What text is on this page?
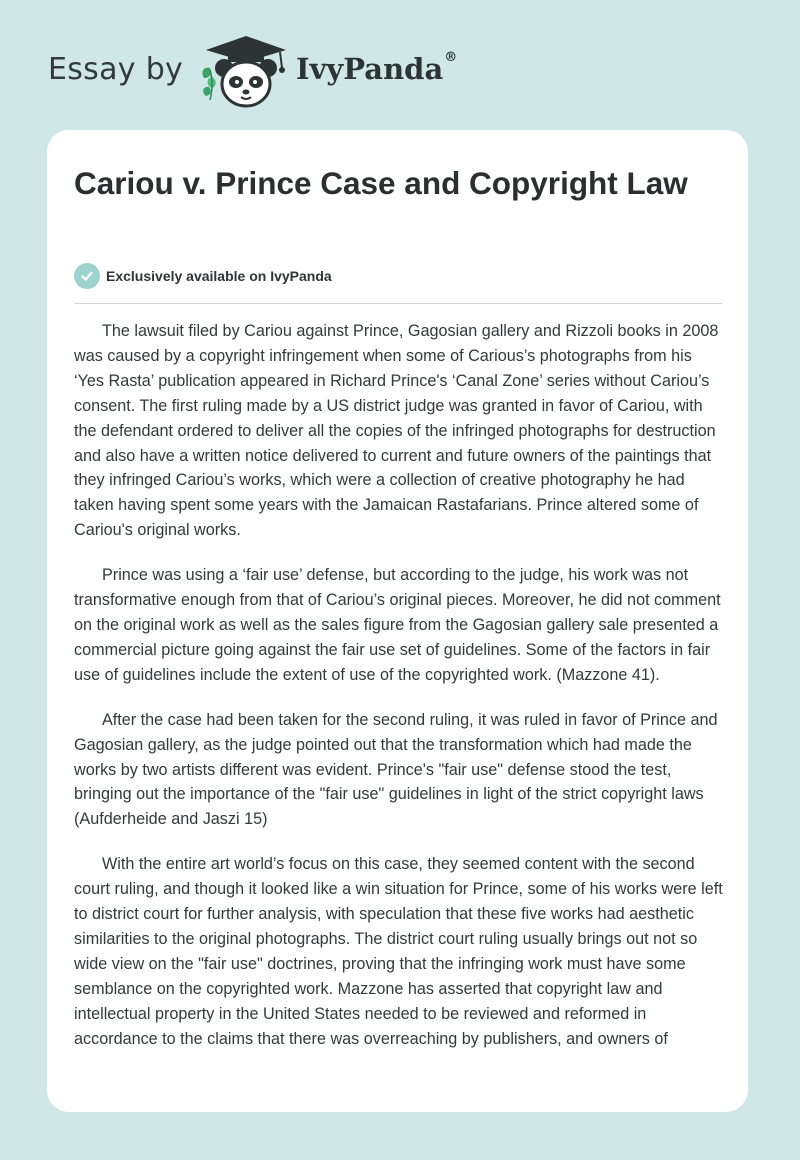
Essay by	IvyPanda®
Cariou v. Prince Case and Copyright Law
Exclusively available on IvyPanda

The lawsuit filed by Cariou against Prince, Gagosian gallery and Rizzoli books in 2008 was caused by a copyright infringement when some of Carious’s photographs from his ‘Yes Rasta’ publication appeared in Richard Prince's ‘Canal Zone’ series without Cariou’s consent. The first ruling made by a US district judge was granted in favor of Cariou, with the defendant ordered to deliver all the copies of the infringed photographs for destruction and also have a written notice delivered to current and future owners of the paintings that they infringed Cariou’s works, which were a collection of creative photography he had taken having spent some years with the Jamaican Rastafarians. Prince altered some of Cariou's original works.

Prince was using a ‘fair use’ defense, but according to the judge, his work was not transformative enough from that of Cariou’s original pieces. Moreover, he did not comment on the original work as well as the sales figure from the Gagosian gallery sale presented a commercial picture going against the fair use set of guidelines. Some of the factors in fair use of guidelines include the extent of use of the copyrighted work. (Mazzone 41).

After the case had been taken for the second ruling, it was ruled in favor of Prince and Gagosian gallery, as the judge pointed out that the transformation which had made the works by two artists different was evident. Prince's "fair use" defense stood the test, bringing out the importance of the "fair use" guidelines in light of the strict copyright laws (Aufderheide and Jaszi 15)

With the entire art world’s focus on this case, they seemed content with the second court ruling, and though it looked like a win situation for Prince, some of his works were left to district court for further analysis, with speculation that these five works had aesthetic similarities to the original photographs. The district court ruling usually brings out not so wide view on the "fair use" doctrines, proving that the infringing work must have some semblance on the copyrighted work. Mazzone has asserted that copyright law and intellectual property in the United States needed to be reviewed and reformed in accordance to the claims that there was overreaching by publishers, and owners of
